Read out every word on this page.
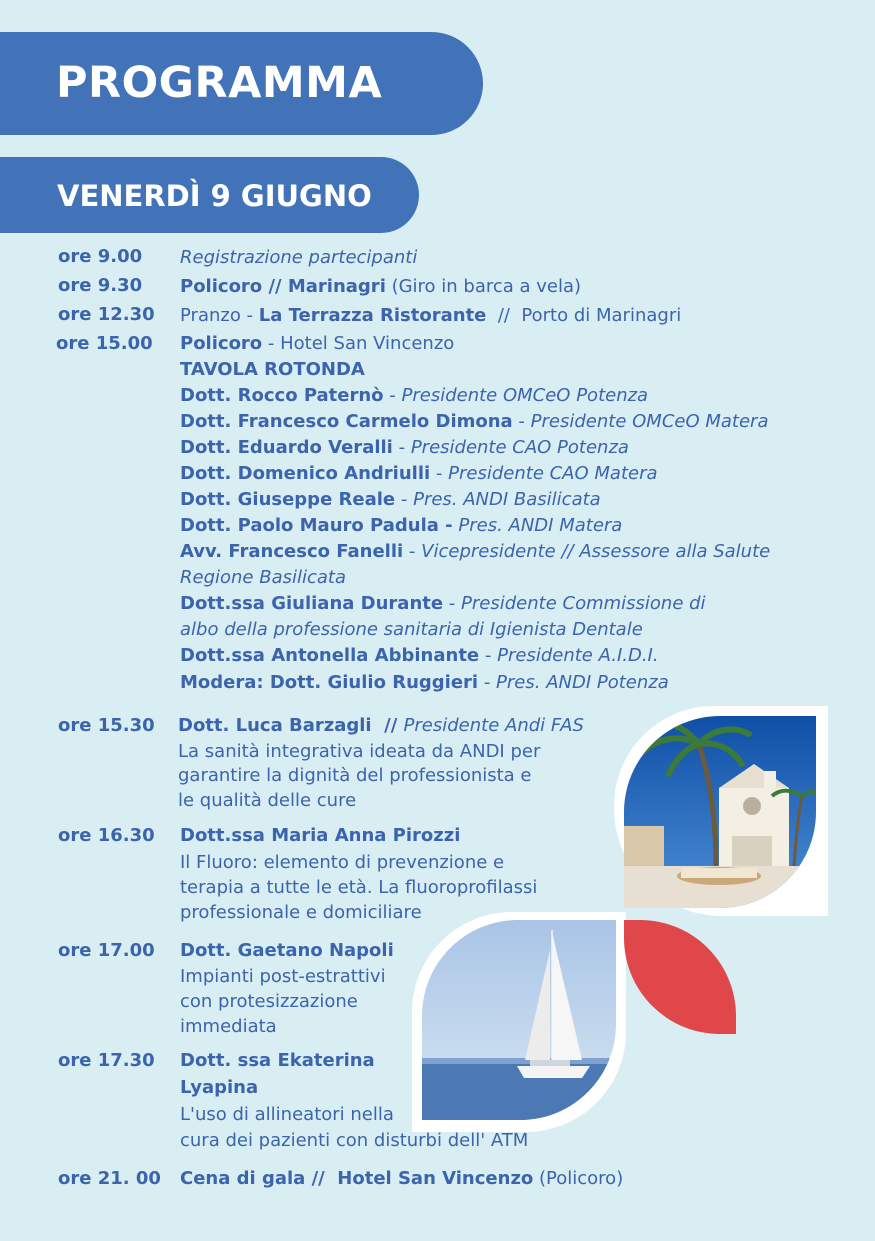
PROGRAMMA
VENERDÌ 9 GIUGNO
ore 9.00
ore 9.30
ore 12.30
ore 15.00
ore 15.30
ore 16.30
ore 17.00
ore 17.30
ore 21. 00
Registrazione partecipanti
Policoro // Marinagri (Giro in barca a vela)
Pranzo - La Terrazza Ristorante  //  Porto di Marinagri
Policoro - Hotel San Vincenzo
TAVOLA ROTONDA
Dott. Rocco Paternò - Presidente OMCeO Potenza
Dott. Francesco Carmelo Dimona - Presidente OMCeO Matera
Dott. Eduardo Veralli - Presidente CAO Potenza
Dott. Domenico Andriulli - Presidente CAO Matera
Dott. Giuseppe Reale - Pres. ANDI Basilicata
Dott. Paolo Mauro Padula - Pres. ANDI Matera
Avv. Francesco Fanelli - Vicepresidente // Assessore alla Salute
Regione Basilicata
Dott.ssa Giuliana Durante - Presidente Commissione di
albo della professione sanitaria di Igienista Dentale
Dott.ssa Antonella Abbinante - Presidente A.I.D.I.
Modera: Dott. Giulio Ruggieri - Pres. ANDI Potenza
Dott. Luca Barzagli  // Presidente Andi FAS
La sanità integrativa ideata da ANDI per
garantire la dignità del professionista e
le qualità delle cure
Dott.ssa Maria Anna Pirozzi
Il Fluoro: elemento di prevenzione e
terapia a tutte le età. La fluoroprofilassi
professionale e domiciliare
Dott. Gaetano Napoli
Impianti post-estrattivi
con protesizzazione
immediata
Dott. ssa Ekaterina
Lyapina
L'uso di allineatori nella
cura dei pazienti con disturbi dell' ATM
Cena di gala //  Hotel San Vincenzo (Policoro)
